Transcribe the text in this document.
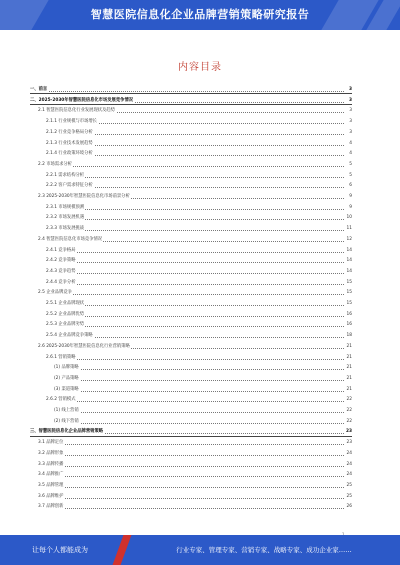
智慧医院信息化企业品牌营销策略研究报告
内容目录
一、前言	3
二、2025-2030年智慧医院信息化市场发展竞争情况	3
2.1 智慧医院信息化行业发展现状及趋势	3
2.1.1 行业规模与市场增长	3
2.1.2 行业竞争格局分析	3
2.1.3 行业技术发展趋势	4
2.1.4 行业政策环境分析	4
2.2 市场需求分析	5
2.2.1 需求结构分析	5
2.2.2 客户需求特征分析	6
2.3 2025-2030年智慧医院信息化市场前景分析	9
2.3.1 市场规模预测	9
2.3.2 市场发展机遇	10
2.3.3 市场发展挑战	11
2.4 智慧医院信息化市场竞争情况	12
2.4.1 竞争格局	14
2.4.2 竞争策略	14
2.4.3 竞争趋势	14
2.4.4 竞争分析	15
2.5 企业品牌竞争	15
2.5.1 企业品牌现状	15
2.5.2 企业品牌优势	16
2.5.3 企业品牌劣势	16
2.5.4 企业品牌竞争策略	18
2.6 2025-2030年智慧医院信息化行业营销策略	21
2.6.1 营销策略	21
(1) 品牌策略	21
(2) 产品策略	21
(3) 渠道策略	21
2.6.2 营销模式	22
(1) 线上营销	22
(2) 线下营销	22
三、智慧医院信息化企业品牌营销策略	23
3.1 品牌定位	23
3.2 品牌形象	24
3.3 品牌传播	24
3.4 品牌推广	24
3.5 品牌管理	25
3.6 品牌维护	25
3.7 品牌创新	26
让每个人都能成为	行业专家、管理专家、营销专家、战略专家、成功企业家……
